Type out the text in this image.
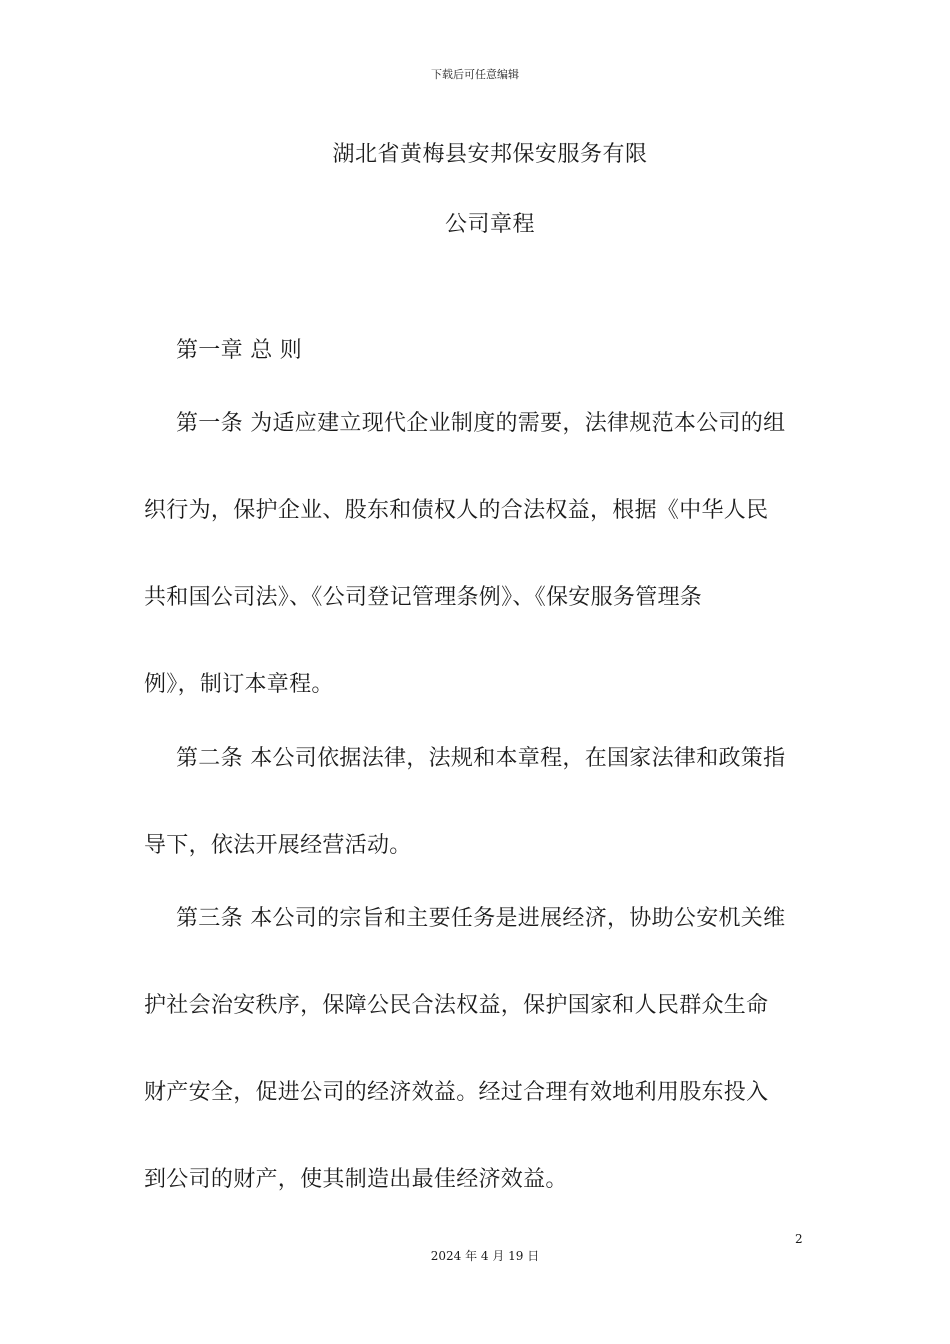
下载后可任意编辑
湖北省黄梅县安邦保安服务有限
公司章程
第一章 总 则
第一条 为适应建立现代企业制度的需要，法律规范本公司的组
织行为，保护企业、股东和债权人的合法权益，根据《中华人民
共和国公司法》、《公司登记管理条例》、《保安服务管理条
例》，制订本章程。
第二条 本公司依据法律，法规和本章程，在国家法律和政策指
导下，依法开展经营活动。
第三条 本公司的宗旨和主要任务是进展经济，协助公安机关维
护社会治安秩序，保障公民合法权益，保护国家和人民群众生命
财产安全，促进公司的经济效益。经过合理有效地利用股东投入
到公司的财产，使其制造出最佳经济效益。
2
2024 年 4 月 19 日
